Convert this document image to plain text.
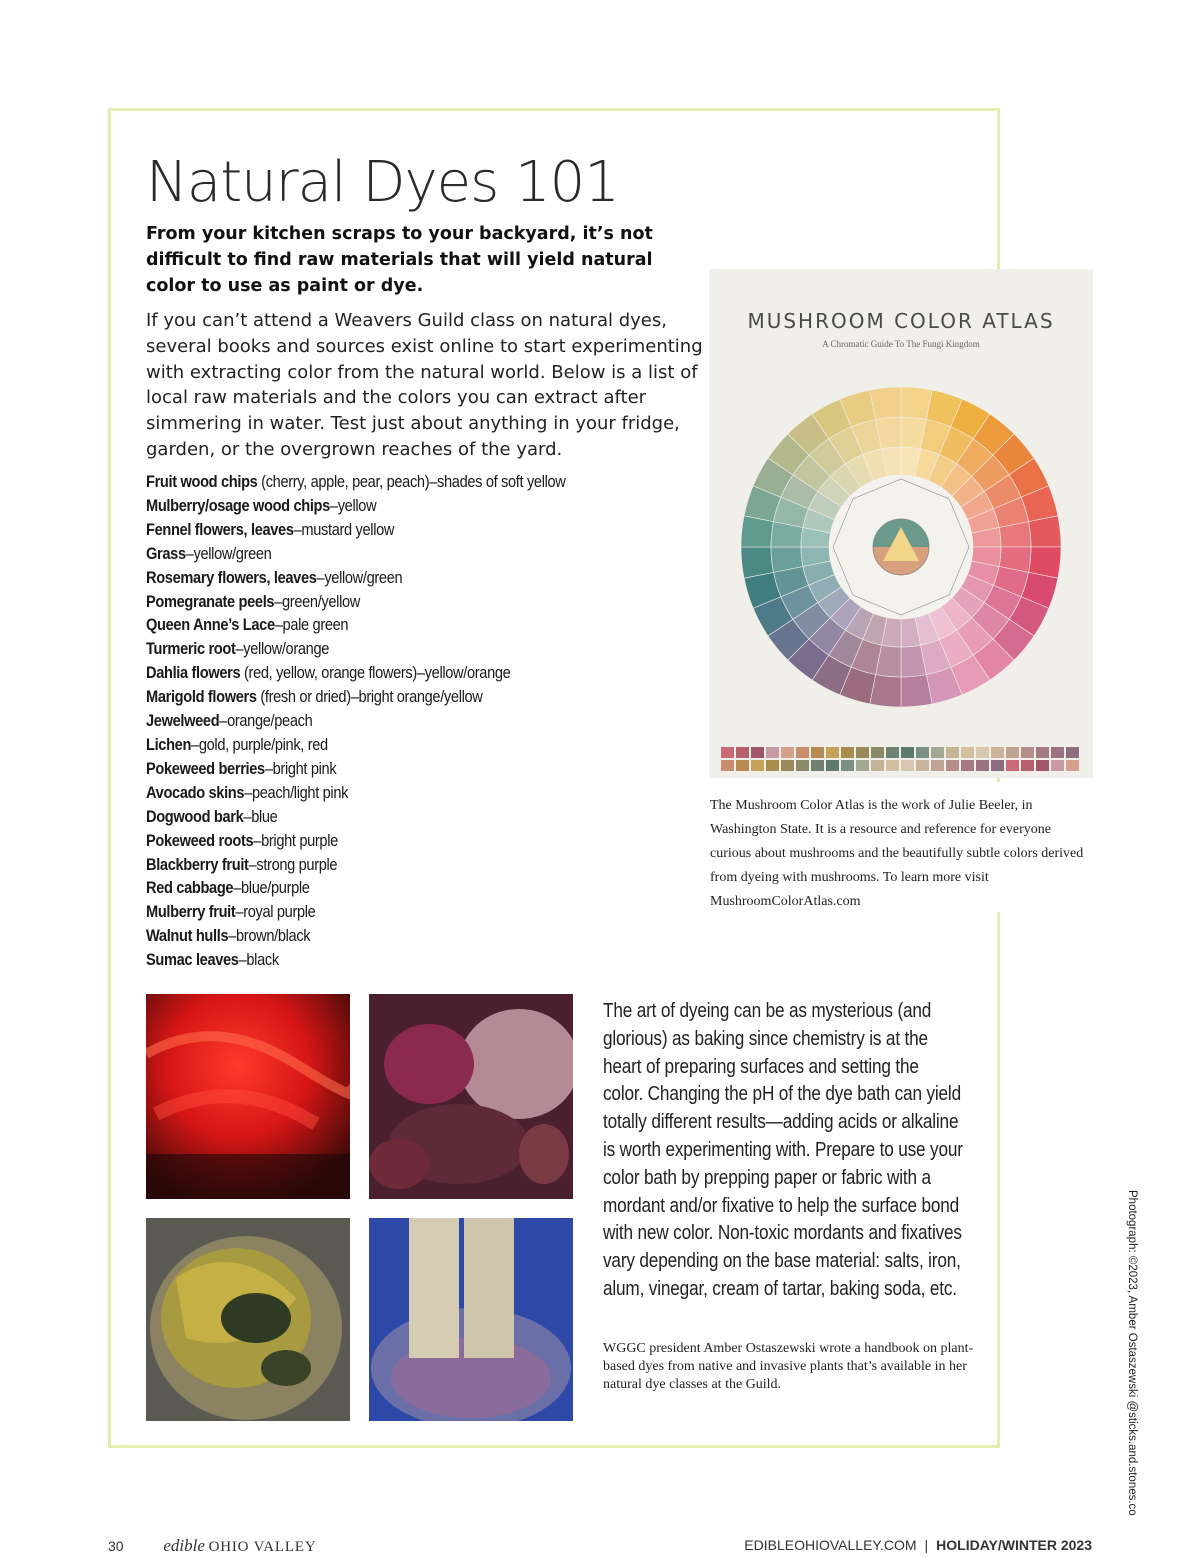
Natural Dyes 101

From your kitchen scraps to your backyard, it’s not difficult to find raw materials that will yield natural color to use as paint or dye.

If you can’t attend a Weavers Guild class on natural dyes, several books and sources exist online to start experimenting with extracting color from the natural world. Below is a list of local raw materials and the colors you can extract after simmering in water. Test just about anything in your fridge, garden, or the overgrown reaches of the yard.

Fruit wood chips (cherry, apple, pear, peach)–shades of soft yellow
Mulberry/osage wood chips–yellow
Fennel flowers, leaves–mustard yellow
Grass–yellow/green
Rosemary flowers, leaves–yellow/green
Pomegranate peels–green/yellow
Queen Anne’s Lace–pale green
Turmeric root–yellow/orange
Dahlia flowers (red, yellow, orange flowers)–yellow/orange
Marigold flowers (fresh or dried)–bright orange/yellow
Jewelweed–orange/peach
Lichen–gold, purple/pink, red
Pokeweed berries–bright pink
Avocado skins–peach/light pink
Dogwood bark–blue
Pokeweed roots–bright purple
Blackberry fruit–strong purple
Red cabbage–blue/purple
Mulberry fruit–royal purple
Walnut hulls–brown/black
Sumac leaves–black
MUSHROOM COLOR ATLAS
A Chromatic Guide To The Fungi Kingdom

The Mushroom Color Atlas is the work of Julie Beeler, in Washington State. It is a resource and reference for everyone curious about mushrooms and the beautifully subtle colors derived from dyeing with mushrooms. To learn more visit MushroomColorAtlas.com

The art of dyeing can be as mysterious (and
glorious) as baking since chemistry is at the
heart of preparing surfaces and setting the
color. Changing the pH of the dye bath can yield
totally different results—adding acids or alkaline
is worth experimenting with. Prepare to use your
color bath by prepping paper or fabric with a
mordant and/or fixative to help the surface bond
with new color. Non-toxic mordants and fixatives
vary depending on the base material: salts, iron,
alum, vinegar, cream of tartar, baking soda, etc.

WGGC president Amber Ostaszewski wrote a handbook on plant-based dyes from native and invasive plants that’s available in her natural dye classes at the Guild.	Photograph: ©2023, Amber Ostaszewski @sticks.and.stones.co

30 edible OHIO VALLEY	EDIBLEOHIOVALLEY.COM | HOLIDAY/WINTER 2023
